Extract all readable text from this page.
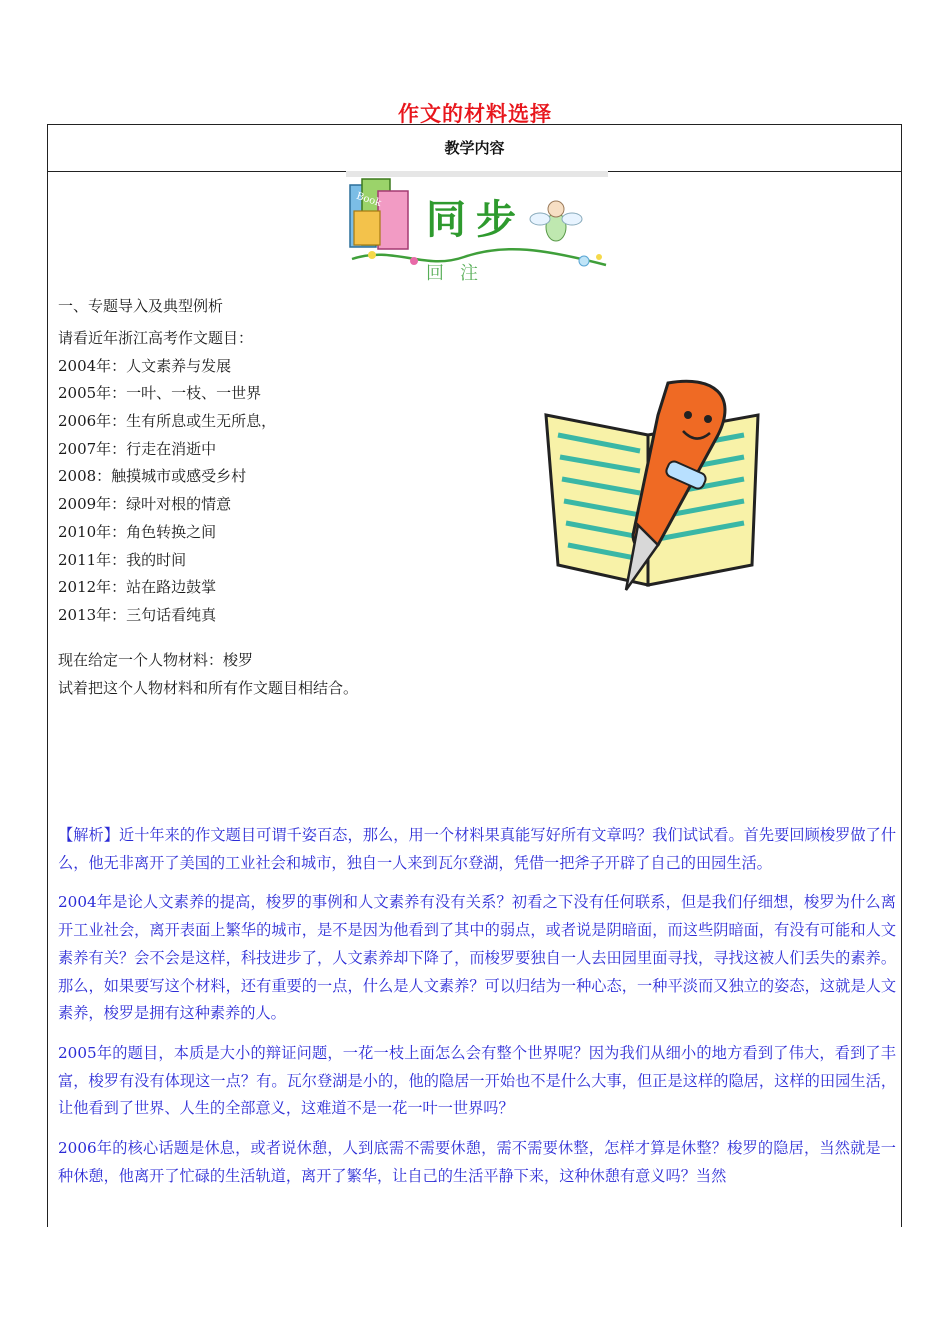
作文的材料选择
教学内容
Book 同步
回注
一、专题导入及典型例析
请看近年浙江高考作文题目：
2004年：人文素养与发展
2005年：一叶、一枝、一世界
2006年：生有所息或生无所息，
2007年：行走在消逝中
2008：触摸城市或感受乡村
2009年：绿叶对根的情意
2010年：角色转换之间
2011年：我的时间
2012年：站在路边鼓掌
2013年：三句话看纯真
现在给定一个人物材料：梭罗
试着把这个人物材料和所有作文题目相结合。

【解析】近十年来的作文题目可谓千姿百态，那么，用一个材料果真能写好所有文章吗？我们试试看。首先要回顾梭罗做了什么，他无非离开了美国的工业社会和城市，独自一人来到瓦尔登湖，凭借一把斧子开辟了自己的田园生活。

2004年是论人文素养的提高，梭罗的事例和人文素养有没有关系？初看之下没有任何联系，但是我们仔细想，梭罗为什么离开工业社会，离开表面上繁华的城市，是不是因为他看到了其中的弱点，或者说是阴暗面，而这些阴暗面，有没有可能和人文素养有关？会不会是这样，科技进步了，人文素养却下降了，而梭罗要独自一人去田园里面寻找，寻找这被人们丢失的素养。那么，如果要写这个材料，还有重要的一点，什么是人文素养？可以归结为一种心态，一种平淡而又独立的姿态，这就是人文素养，梭罗是拥有这种素养的人。

2005年的题目，本质是大小的辩证问题，一花一枝上面怎么会有整个世界呢？因为我们从细小的地方看到了伟大，看到了丰富，梭罗有没有体现这一点？有。瓦尔登湖是小的，他的隐居一开始也不是什么大事，但正是这样的隐居，这样的田园生活，让他看到了世界、人生的全部意义，这难道不是一花一叶一世界吗？

2006年的核心话题是休息，或者说休憩，人到底需不需要休憩，需不需要休整，怎样才算是休整？梭罗的隐居，当然就是一种休憩，他离开了忙碌的生活轨道，离开了繁华，让自己的生活平静下来，这种休憩有意义吗？当然
